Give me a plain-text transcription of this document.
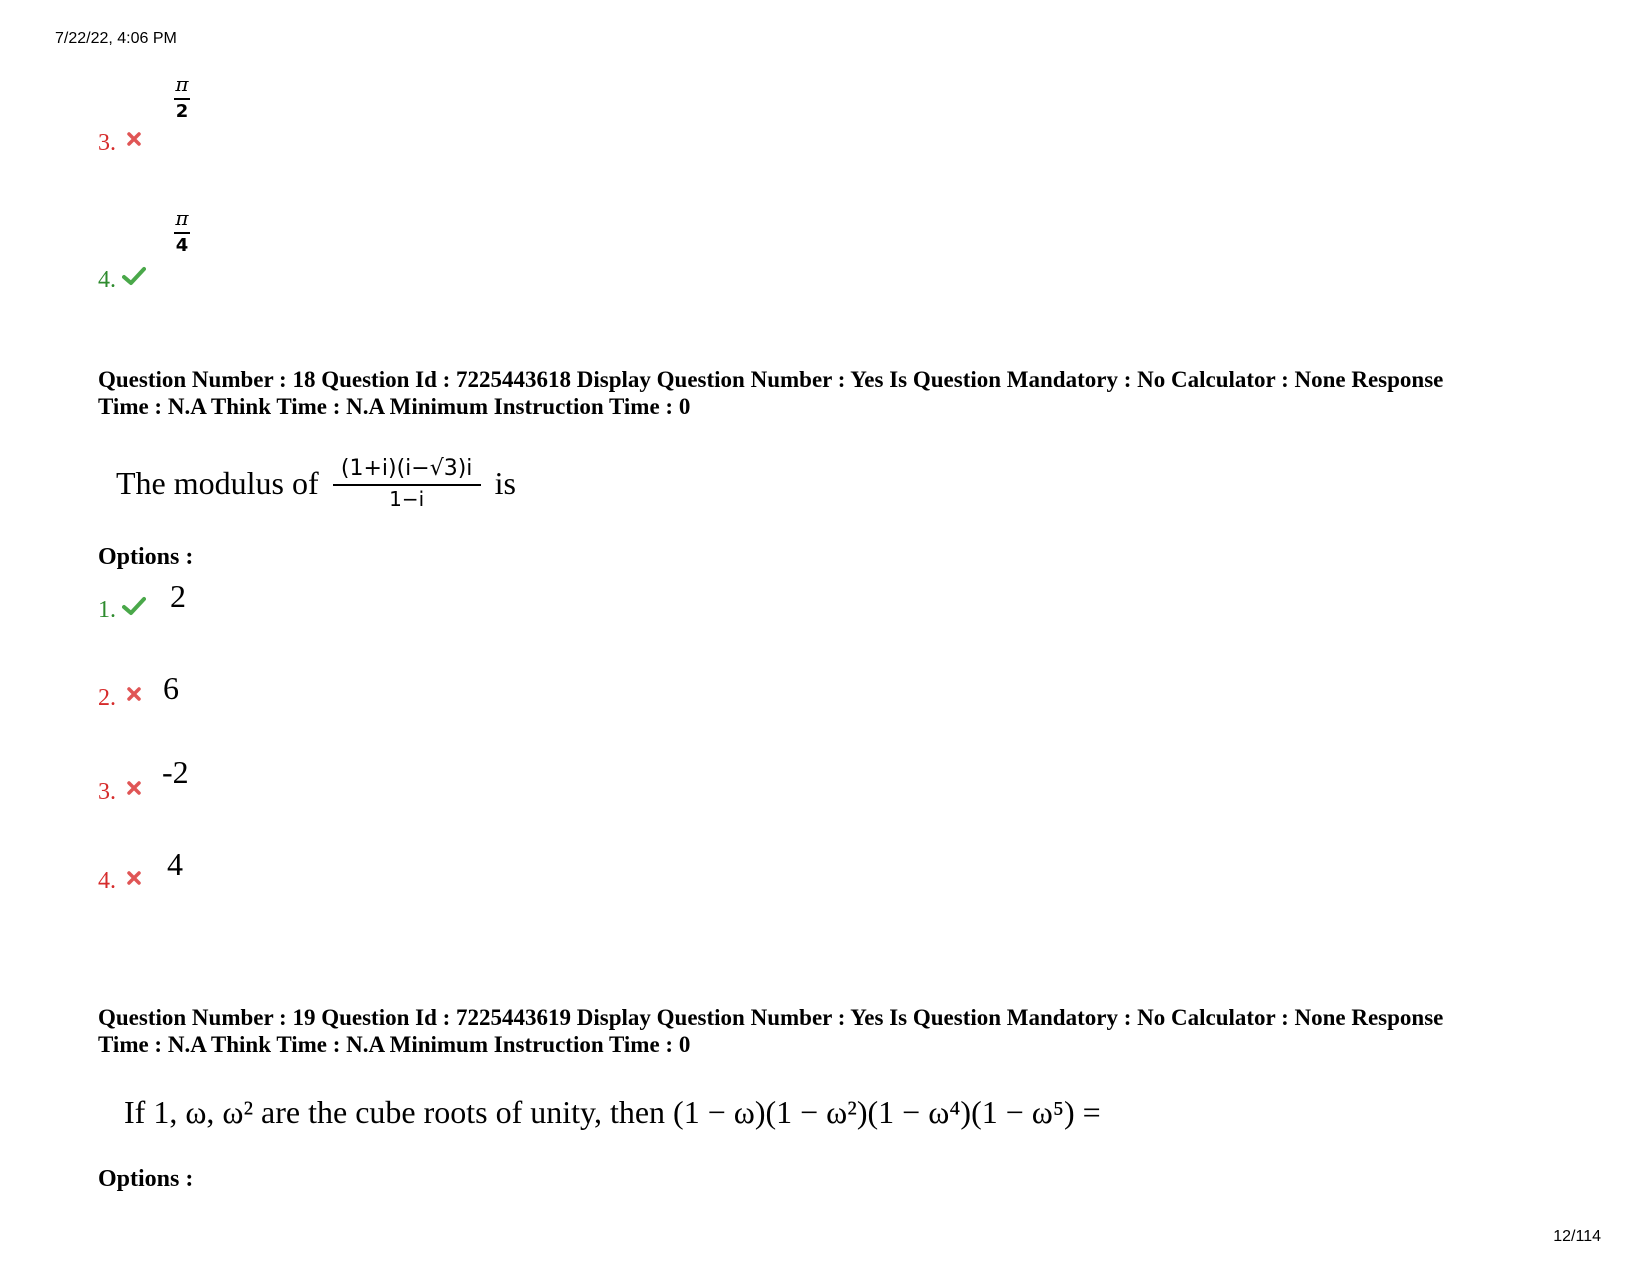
7/22/22, 4:06 PM
12/114
3.
π
2
4.
π
4
Question Number : 18 Question Id : 7225443618 Display Question Number : Yes Is Question Mandatory : No Calculator : None Response
Time : N.A Think Time : N.A Minimum Instruction Time : 0
The modulus of $\frac{(1+i)(i-√3)i}{1-i}$ is
Options :
1. 2
2. 6
3.
-2
4. 4
Question Number : 19 Question Id : 7225443619 Display Question Number : Yes Is Question Mandatory : No Calculator : None Response
Time : N.A Think Time : N.A Minimum Instruction Time : 0
If 1, ω, ω² are the cube roots of unity, then (1 − ω)(1 − ω²)(1 − ω⁴)(1 − ω⁵) =
Options :
